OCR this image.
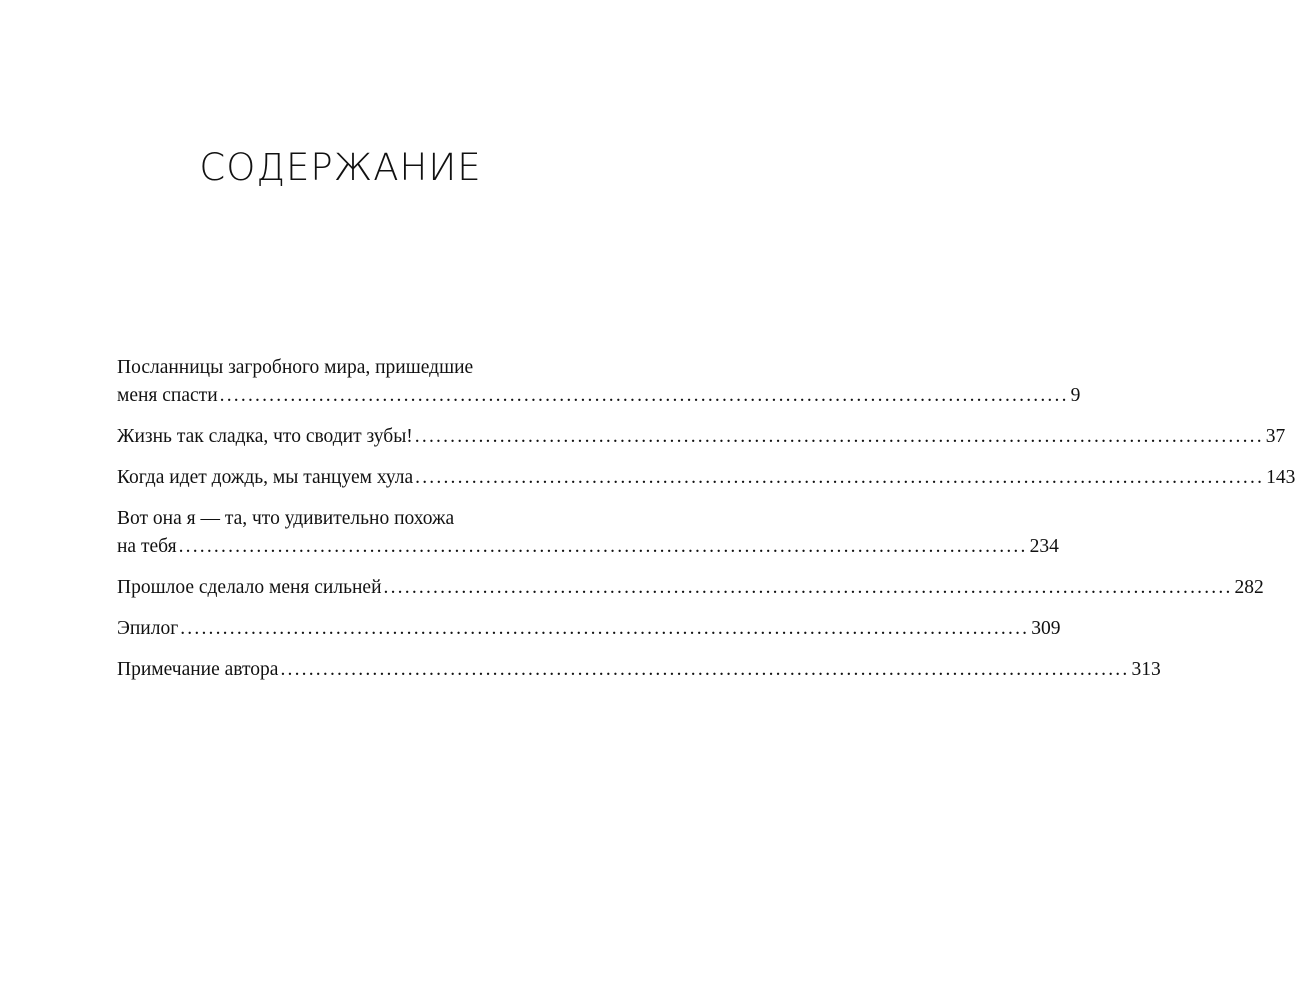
СОДЕРЖАНИЕ
Посланницы загробного мира, пришедшие
меня спасти ........................................................................................................................ 9
Жизнь так сладка, что сводит зубы! ........................................................................................................................ 37
Когда идет дождь, мы танцуем хула ........................................................................................................................ 143
Вот она я — та, что удивительно похожа
на тебя ........................................................................................................................ 234
Прошлое сделало меня сильней ........................................................................................................................ 282
Эпилог ........................................................................................................................ 309
Примечание автора ........................................................................................................................ 313
